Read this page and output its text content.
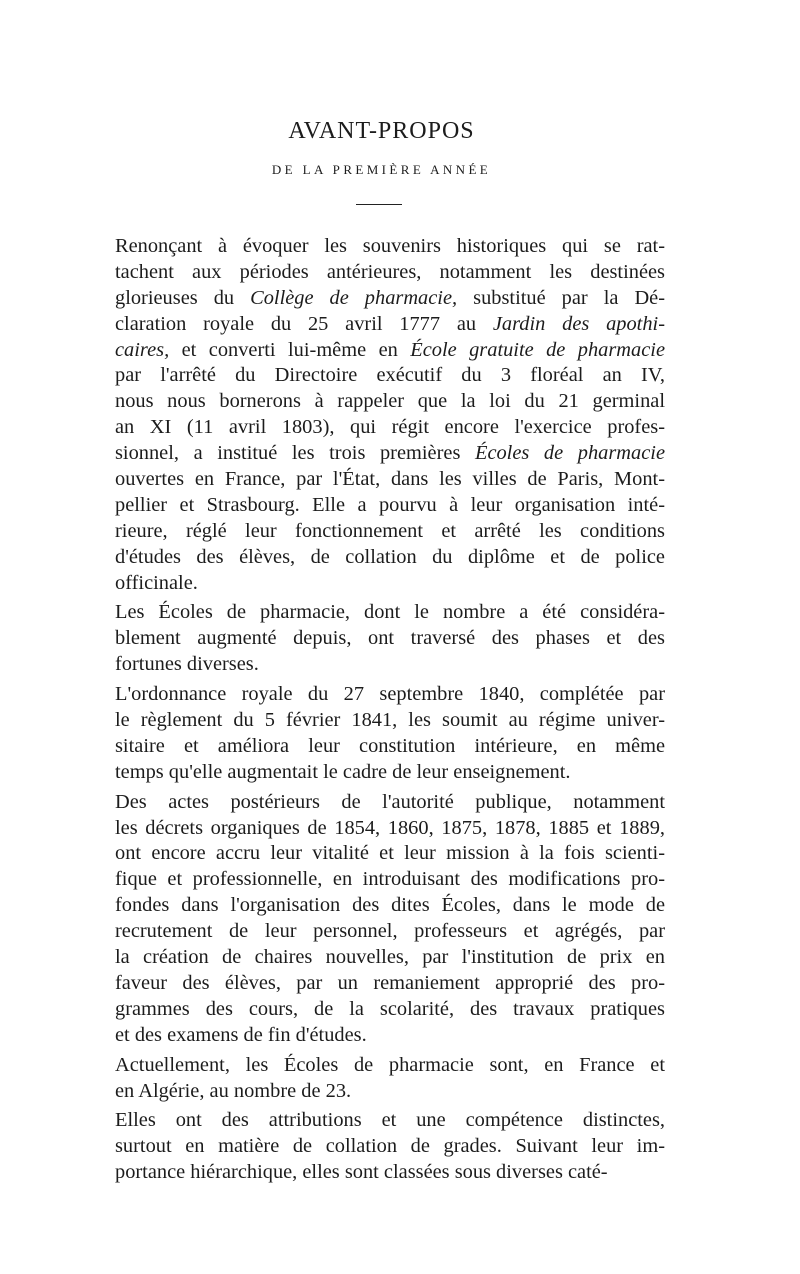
AVANT-PROPOS
DE LA PREMIÈRE ANNÉE
Renonçant à évoquer les souvenirs historiques qui se rat-
tachent aux périodes antérieures, notamment les destinées
glorieuses du Collège de pharmacie, substitué par la Dé-
claration royale du 25 avril 1777 au Jardin des apothi-
caires, et converti lui-même en École gratuite de pharmacie
par l'arrêté du Directoire exécutif du 3 floréal an IV,
nous nous bornerons à rappeler que la loi du 21 germinal
an XI (11 avril 1803), qui régit encore l'exercice profes-
sionnel, a institué les trois premières Écoles de pharmacie
ouvertes en France, par l'État, dans les villes de Paris, Mont-
pellier et Strasbourg. Elle a pourvu à leur organisation inté-
rieure, réglé leur fonctionnement et arrêté les conditions
d'études des élèves, de collation du diplôme et de police
officinale.
Les Écoles de pharmacie, dont le nombre a été considéra-
blement augmenté depuis, ont traversé des phases et des
fortunes diverses.
L'ordonnance royale du 27 septembre 1840, complétée par
le règlement du 5 février 1841, les soumit au régime univer-
sitaire et améliora leur constitution intérieure, en même
temps qu'elle augmentait le cadre de leur enseignement.
Des actes postérieurs de l'autorité publique, notamment
les décrets organiques de 1854, 1860, 1875, 1878, 1885 et 1889,
ont encore accru leur vitalité et leur mission à la fois scienti-
fique et professionnelle, en introduisant des modifications pro-
fondes dans l'organisation des dites Écoles, dans le mode de
recrutement de leur personnel, professeurs et agrégés, par
la création de chaires nouvelles, par l'institution de prix en
faveur des élèves, par un remaniement approprié des pro-
grammes des cours, de la scolarité, des travaux pratiques
et des examens de fin d'études.
Actuellement, les Écoles de pharmacie sont, en France et
en Algérie, au nombre de 23.
Elles ont des attributions et une compétence distinctes,
surtout en matière de collation de grades. Suivant leur im-
portance hiérarchique, elles sont classées sous diverses caté-
